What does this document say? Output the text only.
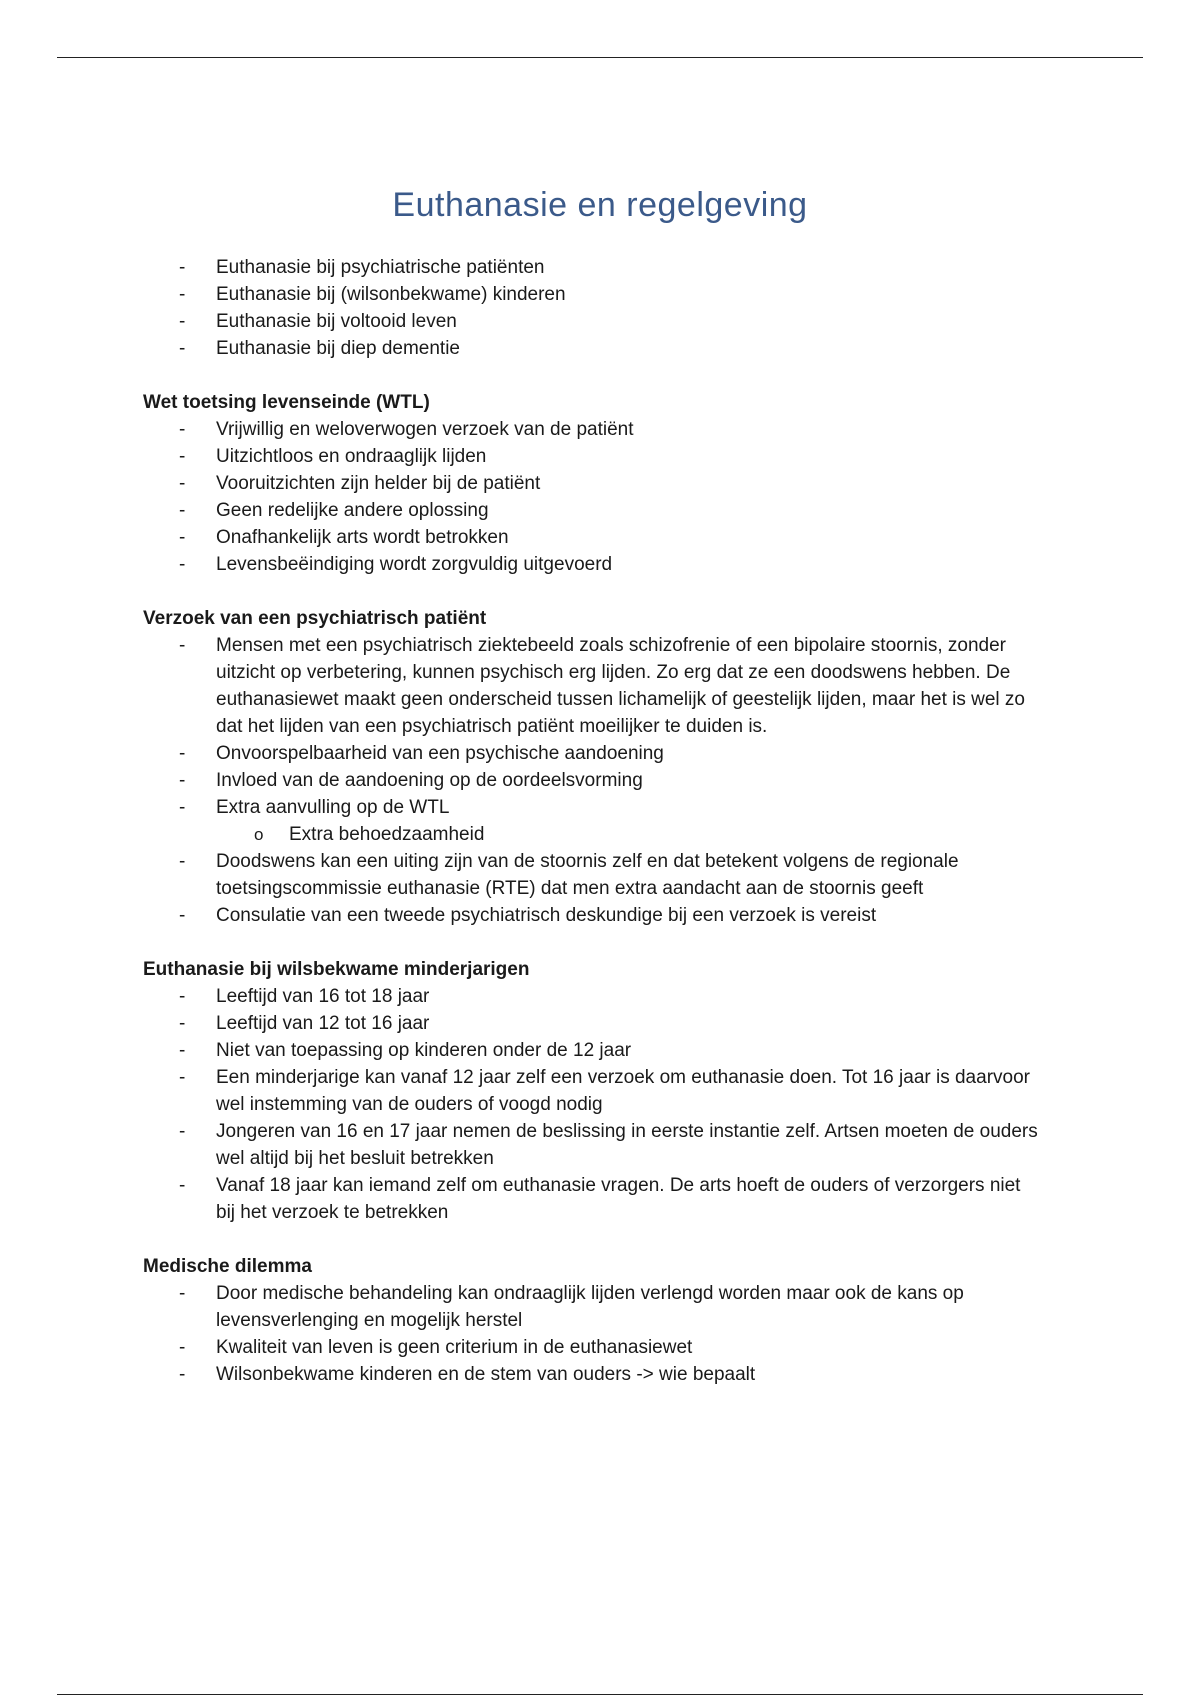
Euthanasie en regelgeving
- Euthanasie bij psychiatrische patiënten
- Euthanasie bij (wilsonbekwame) kinderen
- Euthanasie bij voltooid leven
- Euthanasie bij diep dementie

Wet toetsing levenseinde (WTL)

- Vrijwillig en weloverwogen verzoek van de patiënt
- Uitzichtloos en ondraaglijk lijden
- Vooruitzichten zijn helder bij de patiënt
- Geen redelijke andere oplossing
- Onafhankelijk arts wordt betrokken
- Levensbeëindiging wordt zorgvuldig uitgevoerd

Verzoek van een psychiatrisch patiënt

- Mensen met een psychiatrisch ziektebeeld zoals schizofrenie of een bipolaire stoornis, zonder uitzicht op verbetering, kunnen psychisch erg lijden. Zo erg dat ze een doodswens hebben. De euthanasiewet maakt geen onderscheid tussen lichamelijk of geestelijk lijden, maar het is wel zo dat het lijden van een psychiatrisch patiënt moeilijker te duiden is.
- Onvoorspelbaarheid van een psychische aandoening
- Invloed van de aandoening op de oordeelsvorming
- Extra aanvulling op de WTL
o Extra behoedzaamheid
- Doodswens kan een uiting zijn van de stoornis zelf en dat betekent volgens de regionale toetsingscommissie euthanasie (RTE) dat men extra aandacht aan de stoornis geeft
- Consulatie van een tweede psychiatrisch deskundige bij een verzoek is vereist

Euthanasie bij wilsbekwame minderjarigen

- Leeftijd van 16 tot 18 jaar
- Leeftijd van 12 tot 16 jaar
- Niet van toepassing op kinderen onder de 12 jaar
- Een minderjarige kan vanaf 12 jaar zelf een verzoek om euthanasie doen. Tot 16 jaar is daarvoor wel instemming van de ouders of voogd nodig
- Jongeren van 16 en 17 jaar nemen de beslissing in eerste instantie zelf. Artsen moeten de ouders wel altijd bij het besluit betrekken
- Vanaf 18 jaar kan iemand zelf om euthanasie vragen. De arts hoeft de ouders of verzorgers niet bij het verzoek te betrekken

Medische dilemma

- Door medische behandeling kan ondraaglijk lijden verlengd worden maar ook de kans op levensverlenging en mogelijk herstel
- Kwaliteit van leven is geen criterium in de euthanasiewet
- Wilsonbekwame kinderen en de stem van ouders -> wie bepaalt
